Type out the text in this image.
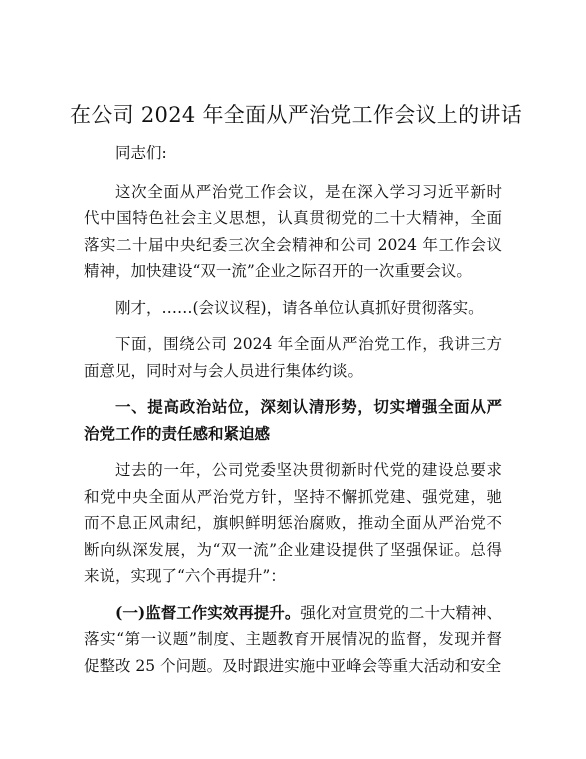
在公司 2024 年全面从严治党工作会议上的讲话

同志们:

这次全面从严治党工作会议，是在深入学习习近平新时代中国特色社会主义思想，认真贯彻党的二十大精神，全面落实二十届中央纪委三次全会精神和公司 2024 年工作会议精神，加快建设“双一流”企业之际召开的一次重要会议。

刚才，……(会议议程)，请各单位认真抓好贯彻落实。

下面，围绕公司 2024 年全面从严治党工作，我讲三方面意见，同时对与会人员进行集体约谈。

一、提高政治站位，深刻认清形势，切实增强全面从严治党工作的责任感和紧迫感

过去的一年，公司党委坚决贯彻新时代党的建设总要求和党中央全面从严治党方针，坚持不懈抓党建、强党建，驰而不息正风肃纪，旗帜鲜明惩治腐败，推动全面从严治党不断向纵深发展，为“双一流”企业建设提供了坚强保证。总得来说，实现了“六个再提升”：

(一)监督工作实效再提升。强化对宣贯党的二十大精神、落实“第一议题”制度、主题教育开展情况的监督，发现并督促整改 25 个问题。及时跟进实施中亚峰会等重大活动和安全
